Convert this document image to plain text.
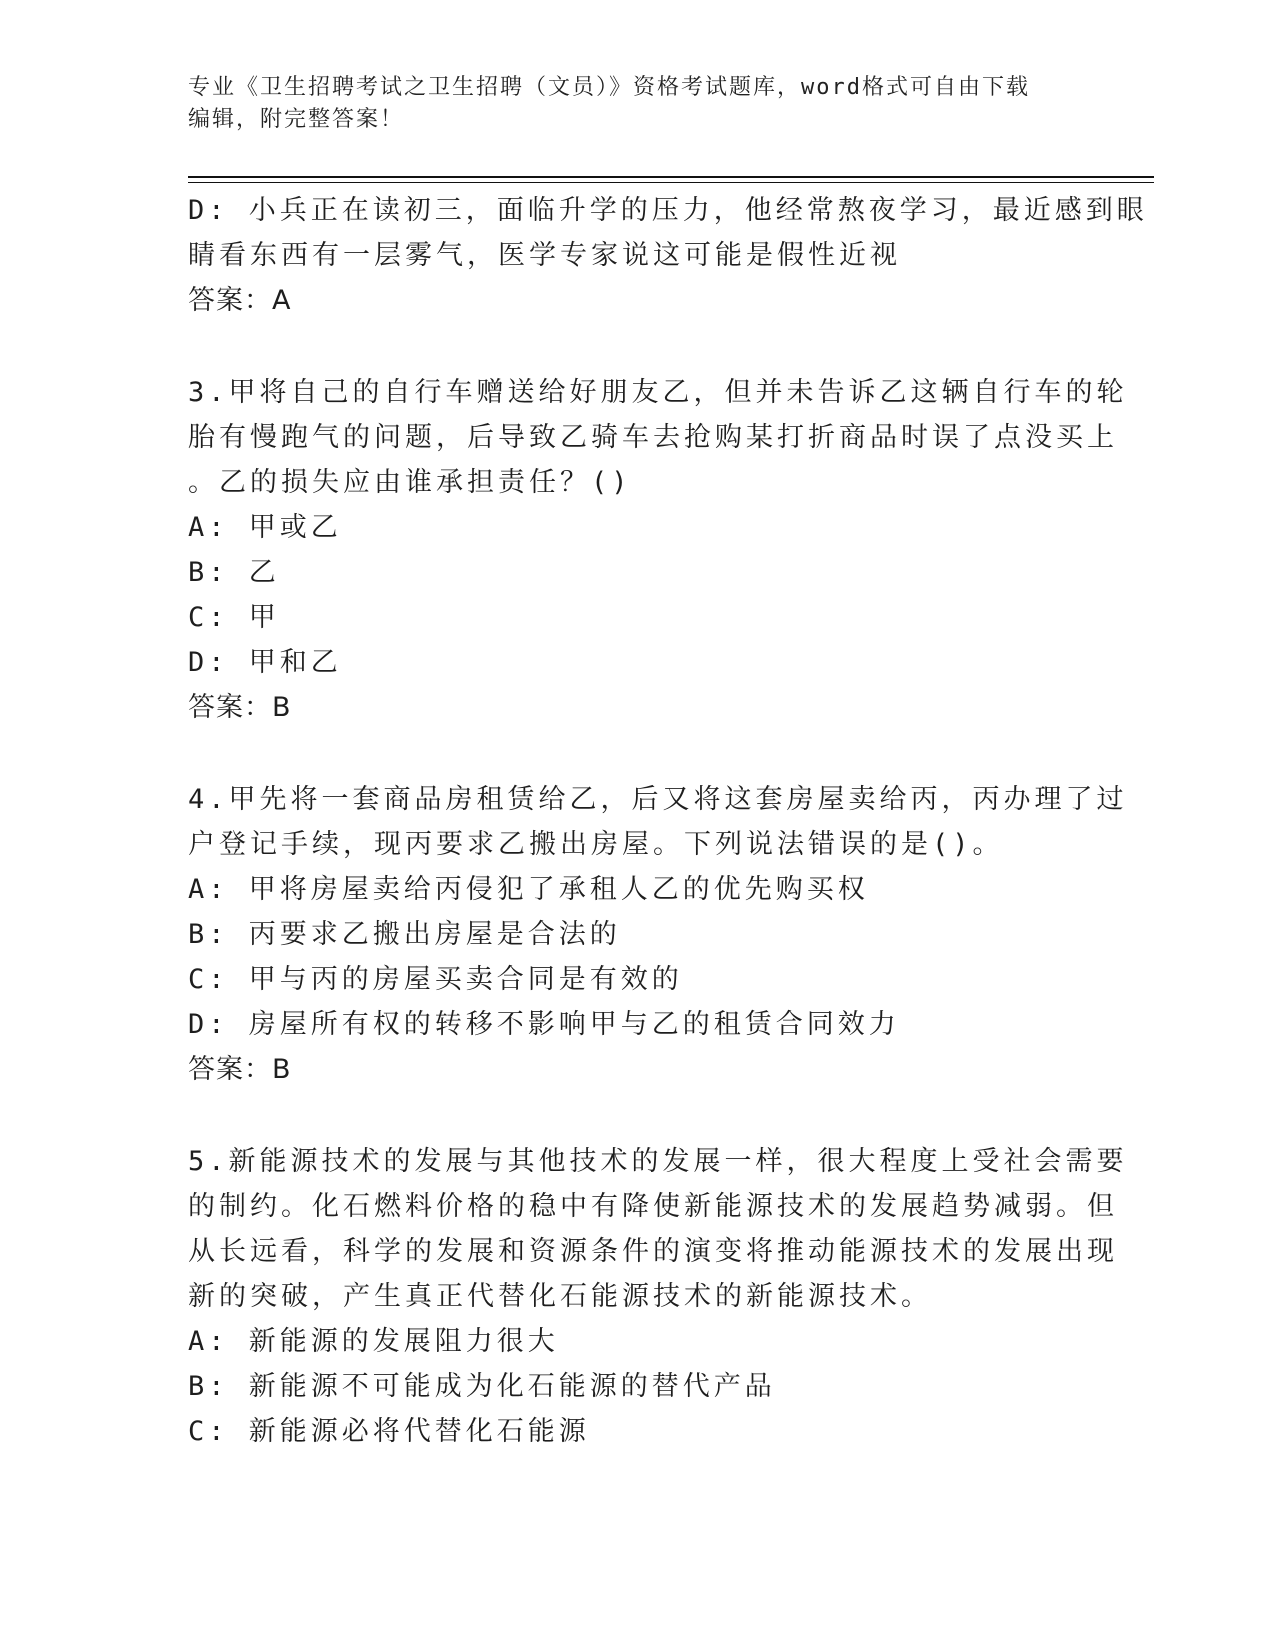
专业《卫生招聘考试之卫生招聘（文员）》资格考试题库，word格式可自由下载
编辑，附完整答案！
D: 小兵正在读初三，面临升学的压力，他经常熬夜学习，最近感到眼
睛看东西有一层雾气，医学专家说这可能是假性近视
答案：A
3.甲将自己的自行车赠送给好朋友乙，但并未告诉乙这辆自行车的轮
胎有慢跑气的问题，后导致乙骑车去抢购某打折商品时误了点没买上
。乙的损失应由谁承担责任？()
A: 甲或乙
B: 乙
C: 甲
D: 甲和乙
答案：B
4.甲先将一套商品房租赁给乙，后又将这套房屋卖给丙，丙办理了过
户登记手续，现丙要求乙搬出房屋。下列说法错误的是()。
A: 甲将房屋卖给丙侵犯了承租人乙的优先购买权
B: 丙要求乙搬出房屋是合法的
C: 甲与丙的房屋买卖合同是有效的
D: 房屋所有权的转移不影响甲与乙的租赁合同效力
答案：B
5.新能源技术的发展与其他技术的发展一样，很大程度上受社会需要
的制约。化石燃料价格的稳中有降使新能源技术的发展趋势减弱。但
从长远看，科学的发展和资源条件的演变将推动能源技术的发展出现
新的突破，产生真正代替化石能源技术的新能源技术。
A: 新能源的发展阻力很大
B: 新能源不可能成为化石能源的替代产品
C: 新能源必将代替化石能源
